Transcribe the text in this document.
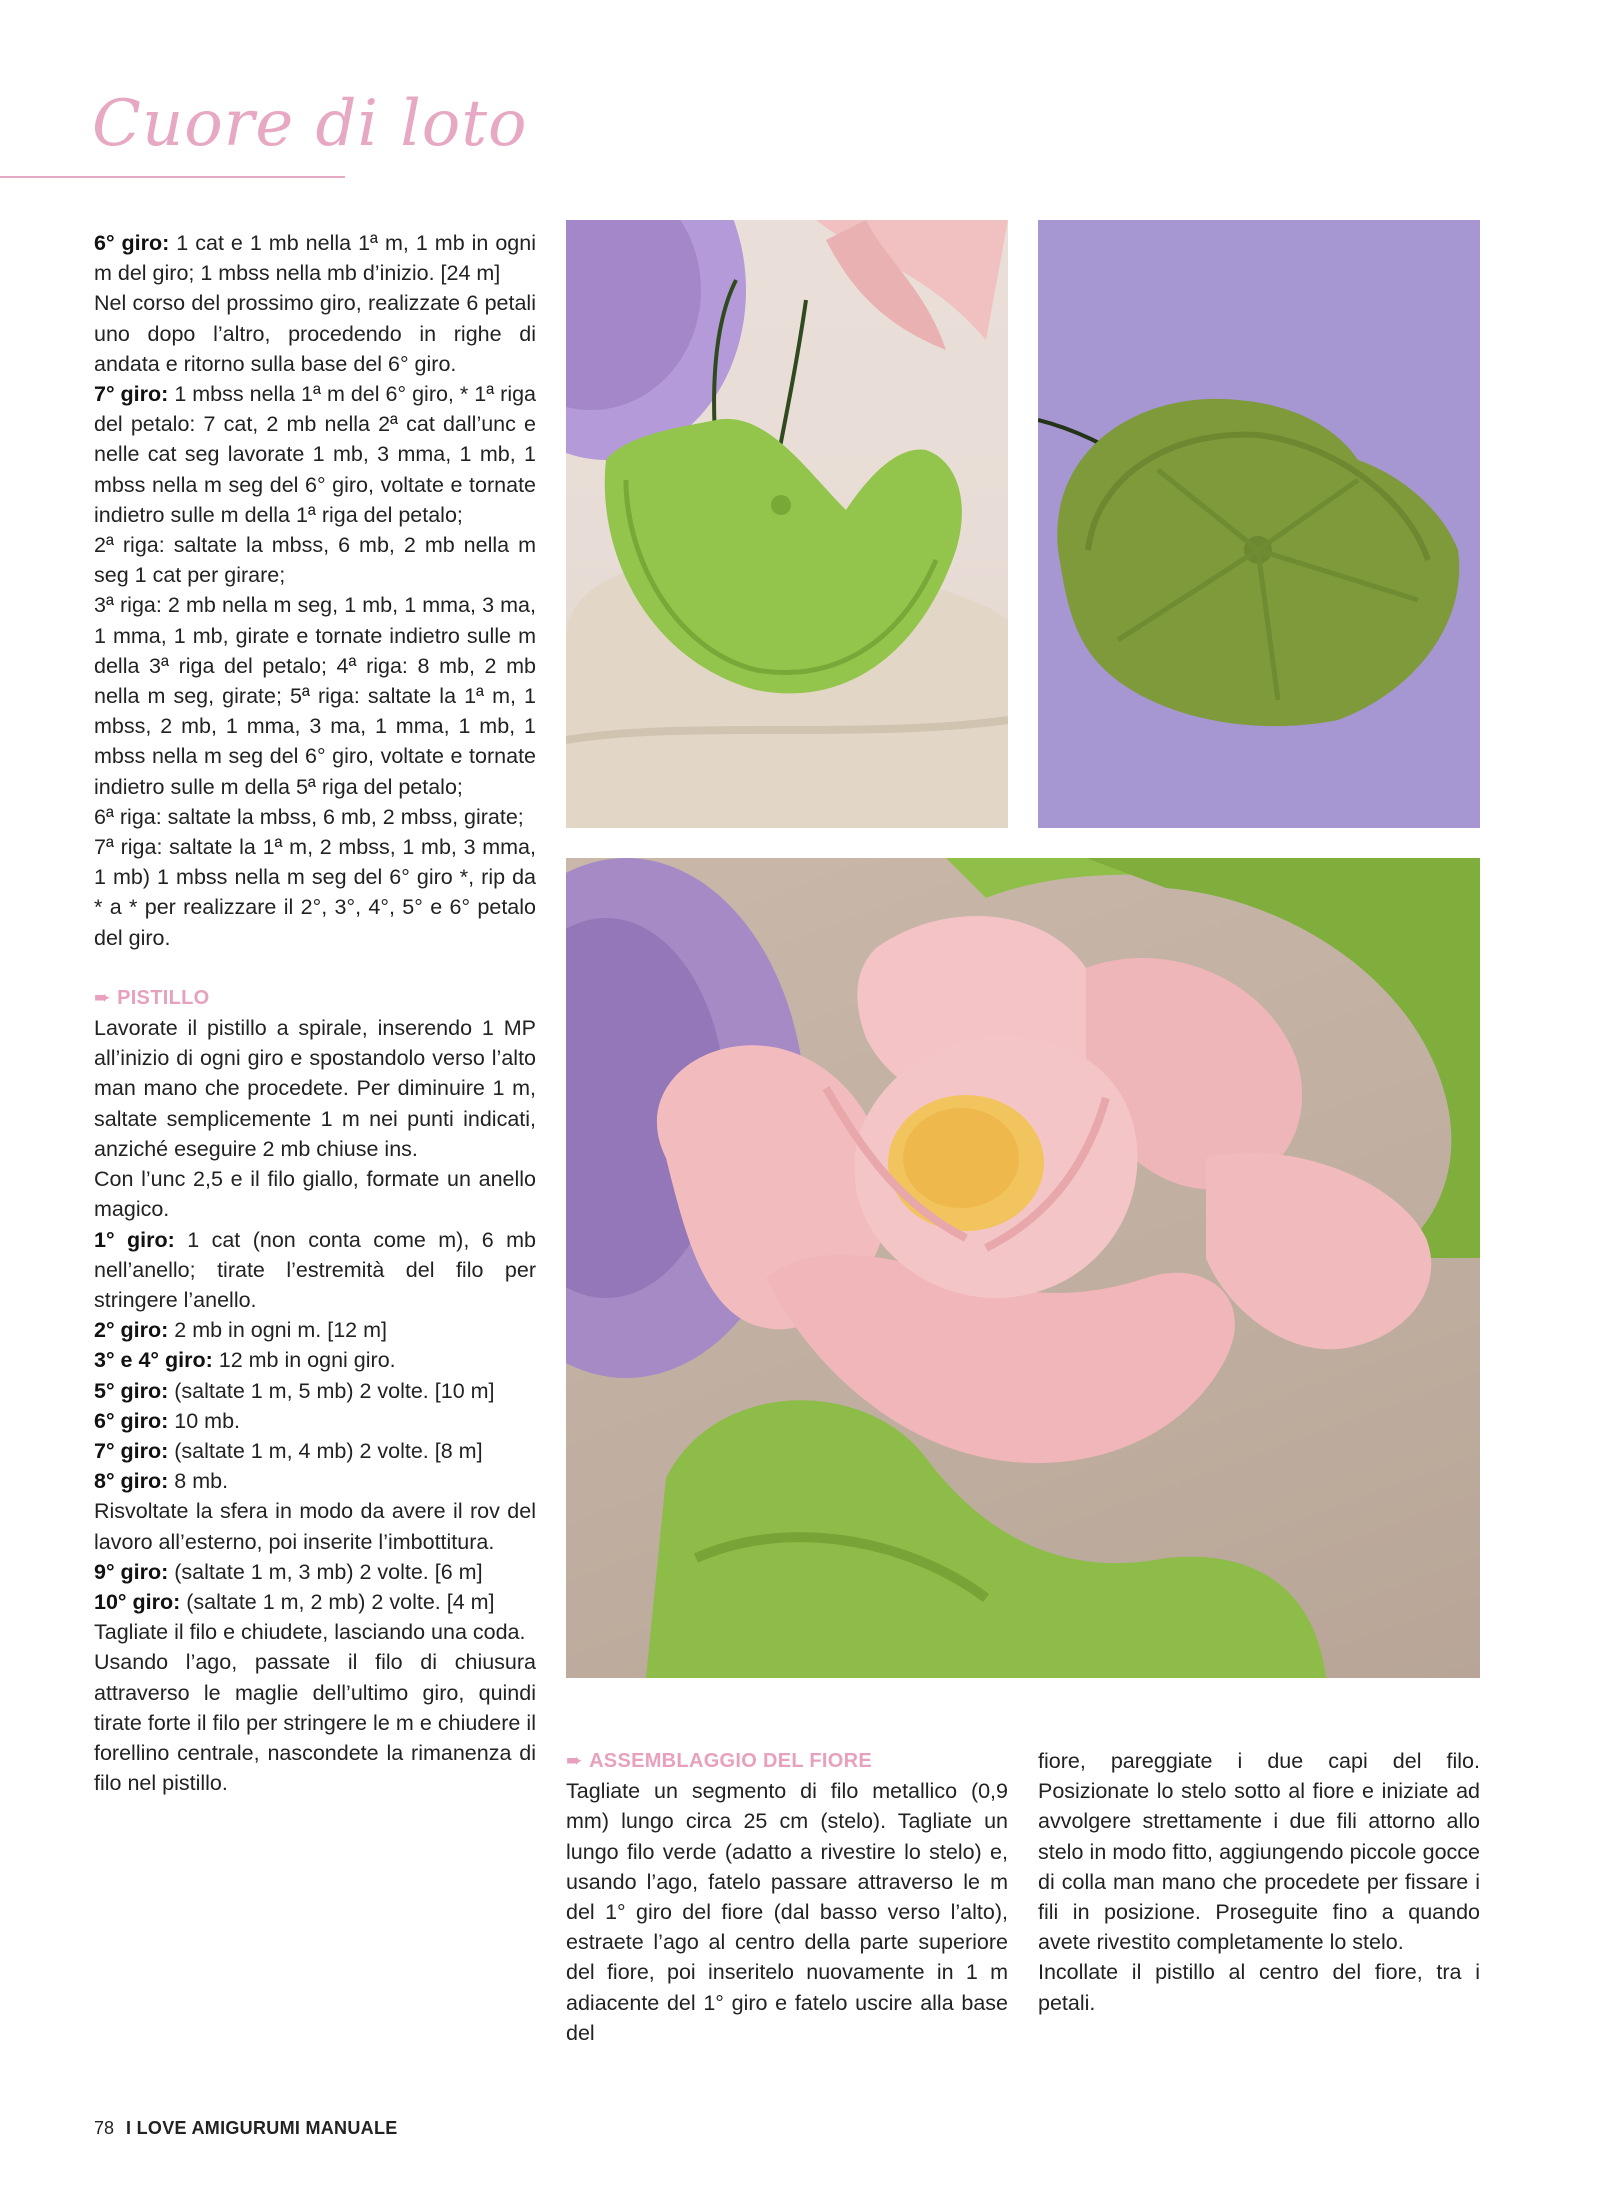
Cuore di loto

6° giro: 1 cat e 1 mb nella 1ª m, 1 mb in ogni m del giro; 1 mbss nella mb d’inizio. [24 m]

Nel corso del prossimo giro, realizzate 6 petali uno dopo l’altro, procedendo in righe di andata e ritorno sulla base del 6° giro.

7° giro: 1 mbss nella 1ª m del 6° giro, * 1ª riga del petalo: 7 cat, 2 mb nella 2ª cat dall’unc e nelle cat seg lavorate 1 mb, 3 mma, 1 mb, 1 mbss nella m seg del 6° giro, voltate e tornate indietro sulle m della 1ª riga del petalo;

2ª riga: saltate la mbss, 6 mb, 2 mb nella m seg 1 cat per girare;

3ª riga: 2 mb nella m seg, 1 mb, 1 mma, 3 ma, 1 mma, 1 mb, girate e tornate indietro sulle m della 3ª riga del petalo; 4ª riga: 8 mb, 2 mb nella m seg, girate; 5ª riga: saltate la 1ª m, 1 mbss, 2 mb, 1 mma, 3 ma, 1 mma, 1 mb, 1 mbss nella m seg del 6° giro, voltate e tornate indietro sulle m della 5ª riga del petalo;

6ª riga: saltate la mbss, 6 mb, 2 mbss, girate;

7ª riga: saltate la 1ª m, 2 mbss, 1 mb, 3 mma, 1 mb) 1 mbss nella m seg del 6° giro *, rip da * a * per realizzare il 2°, 3°, 4°, 5° e 6° petalo del giro.

➨ PISTILLO

Lavorate il pistillo a spirale, inserendo 1 MP all’inizio di ogni giro e spostandolo verso l’alto man mano che procedete. Per diminuire 1 m, saltate semplicemente 1 m nei punti indicati, anziché eseguire 2 mb chiuse ins.

Con l’unc 2,5 e il filo giallo, formate un anello magico.

1° giro: 1 cat (non conta come m), 6 mb nell’anello; tirate l’estremità del filo per stringere l’anello.

2° giro: 2 mb in ogni m. [12 m]

3° e 4° giro: 12 mb in ogni giro.

5° giro: (saltate 1 m, 5 mb) 2 volte. [10 m]

6° giro: 10 mb.

7° giro: (saltate 1 m, 4 mb) 2 volte. [8 m]

8° giro: 8 mb.

Risvoltate la sfera in modo da avere il rov del lavoro all’esterno, poi inserite l’imbottitura.

9° giro: (saltate 1 m, 3 mb) 2 volte. [6 m]

10° giro: (saltate 1 m, 2 mb) 2 volte. [4 m]

Tagliate il filo e chiudete, lasciando una coda.

Usando l’ago, passate il filo di chiusura attraverso le maglie dell’ultimo giro, quindi tirate forte il filo per stringere le m e chiudere il forellino centrale, nascondete la rimanenza di filo nel pistillo.

➨ ASSEMBLAGGIO DEL FIORE

Tagliate un segmento di filo metallico (0,9 mm) lungo circa 25 cm (stelo). Tagliate un lungo filo verde (adatto a rivestire lo stelo) e, usando l’ago, fatelo passare attraverso le m del 1° giro del fiore (dal basso verso l’alto), estraete l’ago al centro della parte superiore del fiore, poi inseritelo nuovamente in 1 m adiacente del 1° giro e fatelo uscire alla base del

fiore, pareggiate i due capi del filo. Posizionate lo stelo sotto al fiore e iniziate ad avvolgere strettamente i due fili attorno allo stelo in modo fitto, aggiungendo piccole gocce di colla man mano che procedete per fissare i fili in posizione. Proseguite fino a quando avete rivestito completamente lo stelo.

Incollate il pistillo al centro del fiore, tra i petali.

78 I LOVE AMIGURUMI MANUALE
